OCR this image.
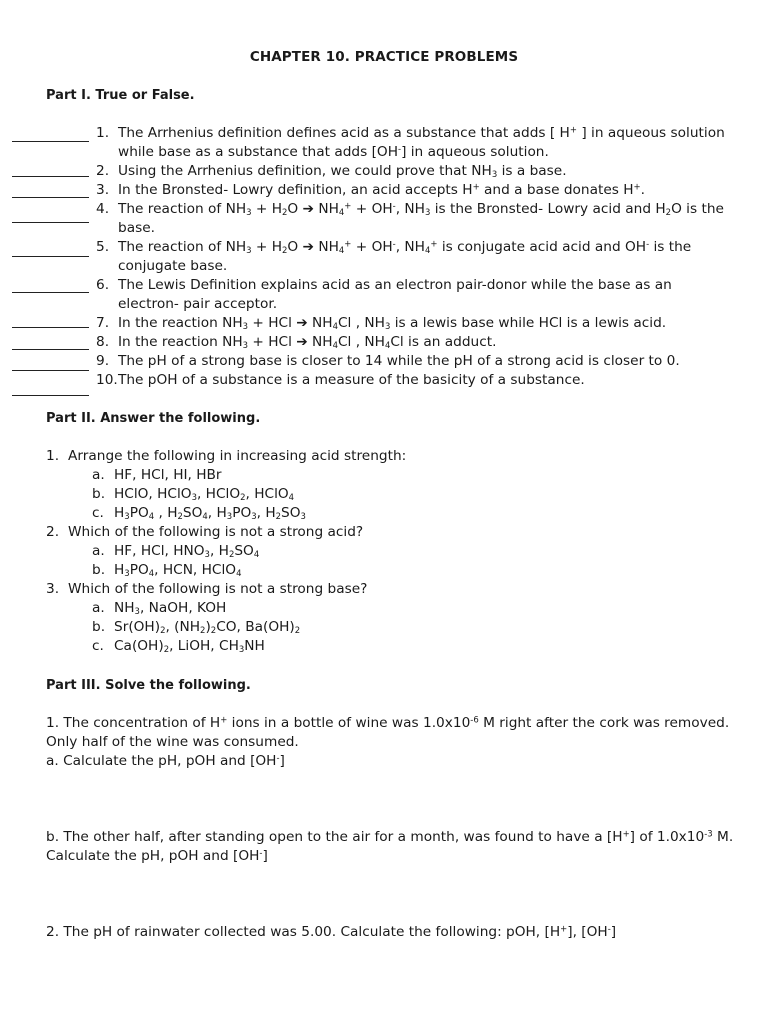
CHAPTER 10. PRACTICE PROBLEMS
Part I. True or False.
1. The Arrhenius definition defines acid as a substance that adds [ H+ ] in aqueous solution while base as a substance that adds [OH-] in aqueous solution.
2. Using the Arrhenius definition, we could prove that $NH_3$ is a base.
3. In the Bronsted- Lowry definition, an acid accepts H+ and a base donates H+.
4. The reaction of $NH_3 + H_2O$ ➔ $NH_4^+ + OH^-$, $NH_3$ is the Bronsted- Lowry acid and $H_2O$ is the base.
5. The reaction of $NH_3 + H_2O$ ➔ $NH_4^+ + OH^-$, $NH_4^+$ is conjugate acid acid and OH- is the conjugate base.
6. The Lewis Definition explains acid as an electron pair-donor while the base as an electron- pair acceptor.
7. In the reaction $NH_3$ + HCl ➔ $NH_4Cl$ , $NH_3$ is a lewis base while HCl is a lewis acid.
8. In the reaction $NH_3$ + HCl ➔ $NH_4Cl$ , $NH_4Cl$ is an adduct.
9. The pH of a strong base is closer to 14 while the pH of a strong acid is closer to 0.
10. The pOH of a substance is a measure of the basicity of a substance.
Part II. Answer the following.
1. Arrange the following in increasing acid strength:
a. HF, HCl, HI, HBr
b. HClO, HClO$_3$, HClO$_2$, HClO$_4$
c. $H_3PO_4$ , $H_2SO_4$, $H_3PO_3$, $H_2SO_3$
2. Which of the following is not a strong acid?
a. HF, HCl, $HNO_3$, $H_2SO_4$
b. $H_3PO_4$, HCN, HClO$_4$
3. Which of the following is not a strong base?
a. $NH_3$, NaOH, KOH
b. $Sr(OH)_2$, $(NH_2)_2CO$, $Ba(OH)_2$
c. $Ca(OH)_2$, LiOH, $CH_3NH$
Part III. Solve the following.
1. The concentration of H+ ions in a bottle of wine was $1.0x10^{-6}$ M right after the cork was removed. Only half of the wine was consumed.
a. Calculate the pH, pOH and [OH-]
b. The other half, after standing open to the air for a month, was found to have a [H+] of $1.0x10^{-3}$ M. Calculate the pH, pOH and [OH-]
2. The pH of rainwater collected was 5.00. Calculate the following: pOH, [H+], [OH-]
